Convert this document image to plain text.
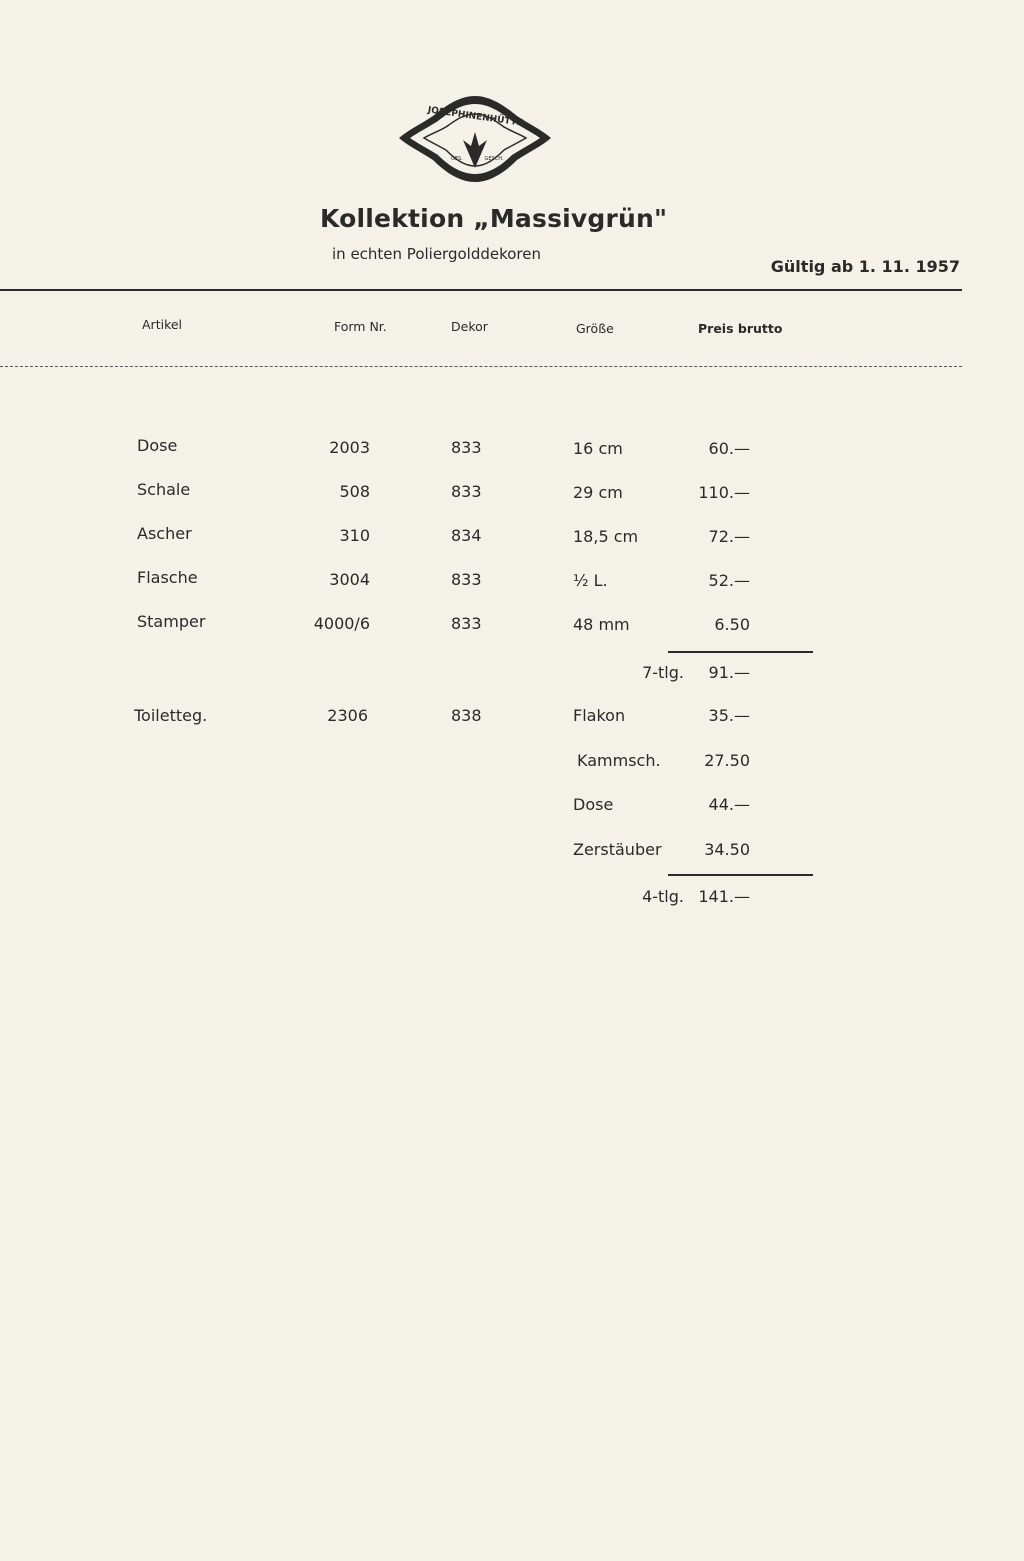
JOSEPHINENHÜTTE
GES.	GESCH.
Kollektion „Massivgrün"
in echten Poliergolddekoren
Gültig ab 1. 11. 1957
Artikel	Form Nr.	Dekor	Größe	Preis brutto
Dose	2003	833	16 cm	60.—
Schale	508	833	29 cm	110.—
Ascher	310	834	18,5 cm	72.—
Flasche	3004	833	½ L.	52.—
Stamper	4000/6	833	48 mm	6.50
7-tlg. 91.—
Toiletteg.	2306	838	Flakon	35.—
Kammsch.	27.50
Dose	44.—
Zerstäuber	34.50
4-tlg. 141.—
